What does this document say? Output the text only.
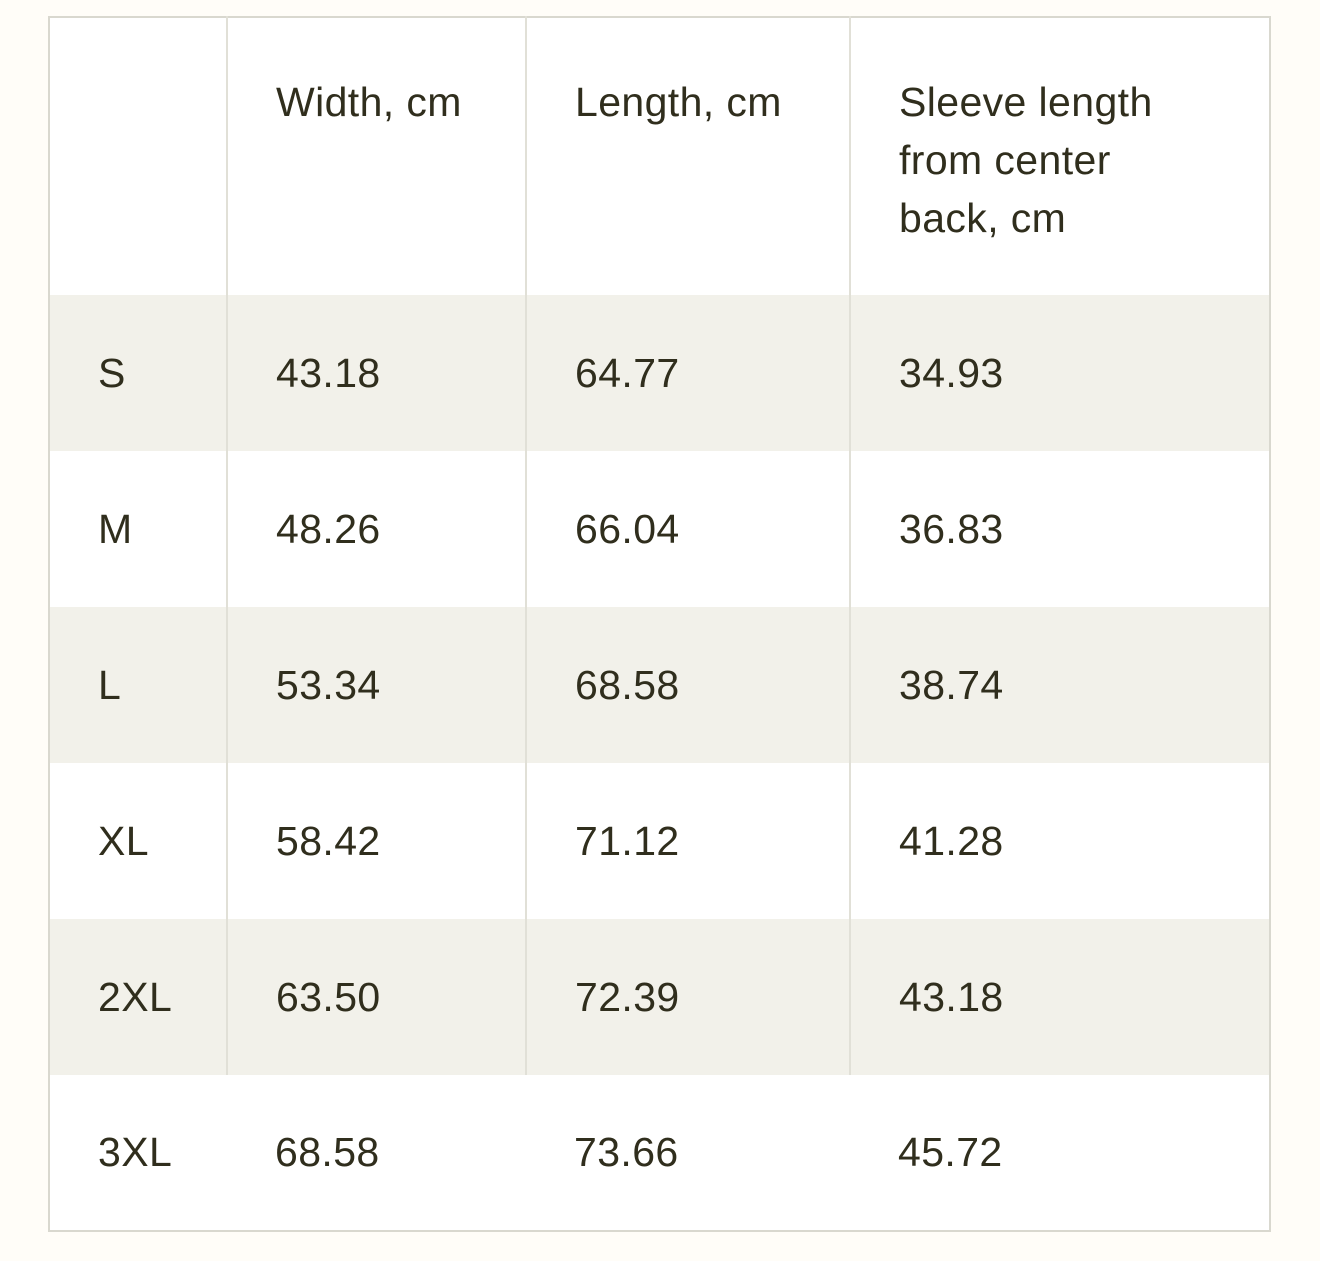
	Width, cm	Length, cm	Sleeve length from center back, cm
S	43.18	64.77	34.93
M	48.26	66.04	36.83
L	53.34	68.58	38.74
XL	58.42	71.12	41.28
2XL	63.50	72.39	43.18
3XL	68.58	73.66	45.72
